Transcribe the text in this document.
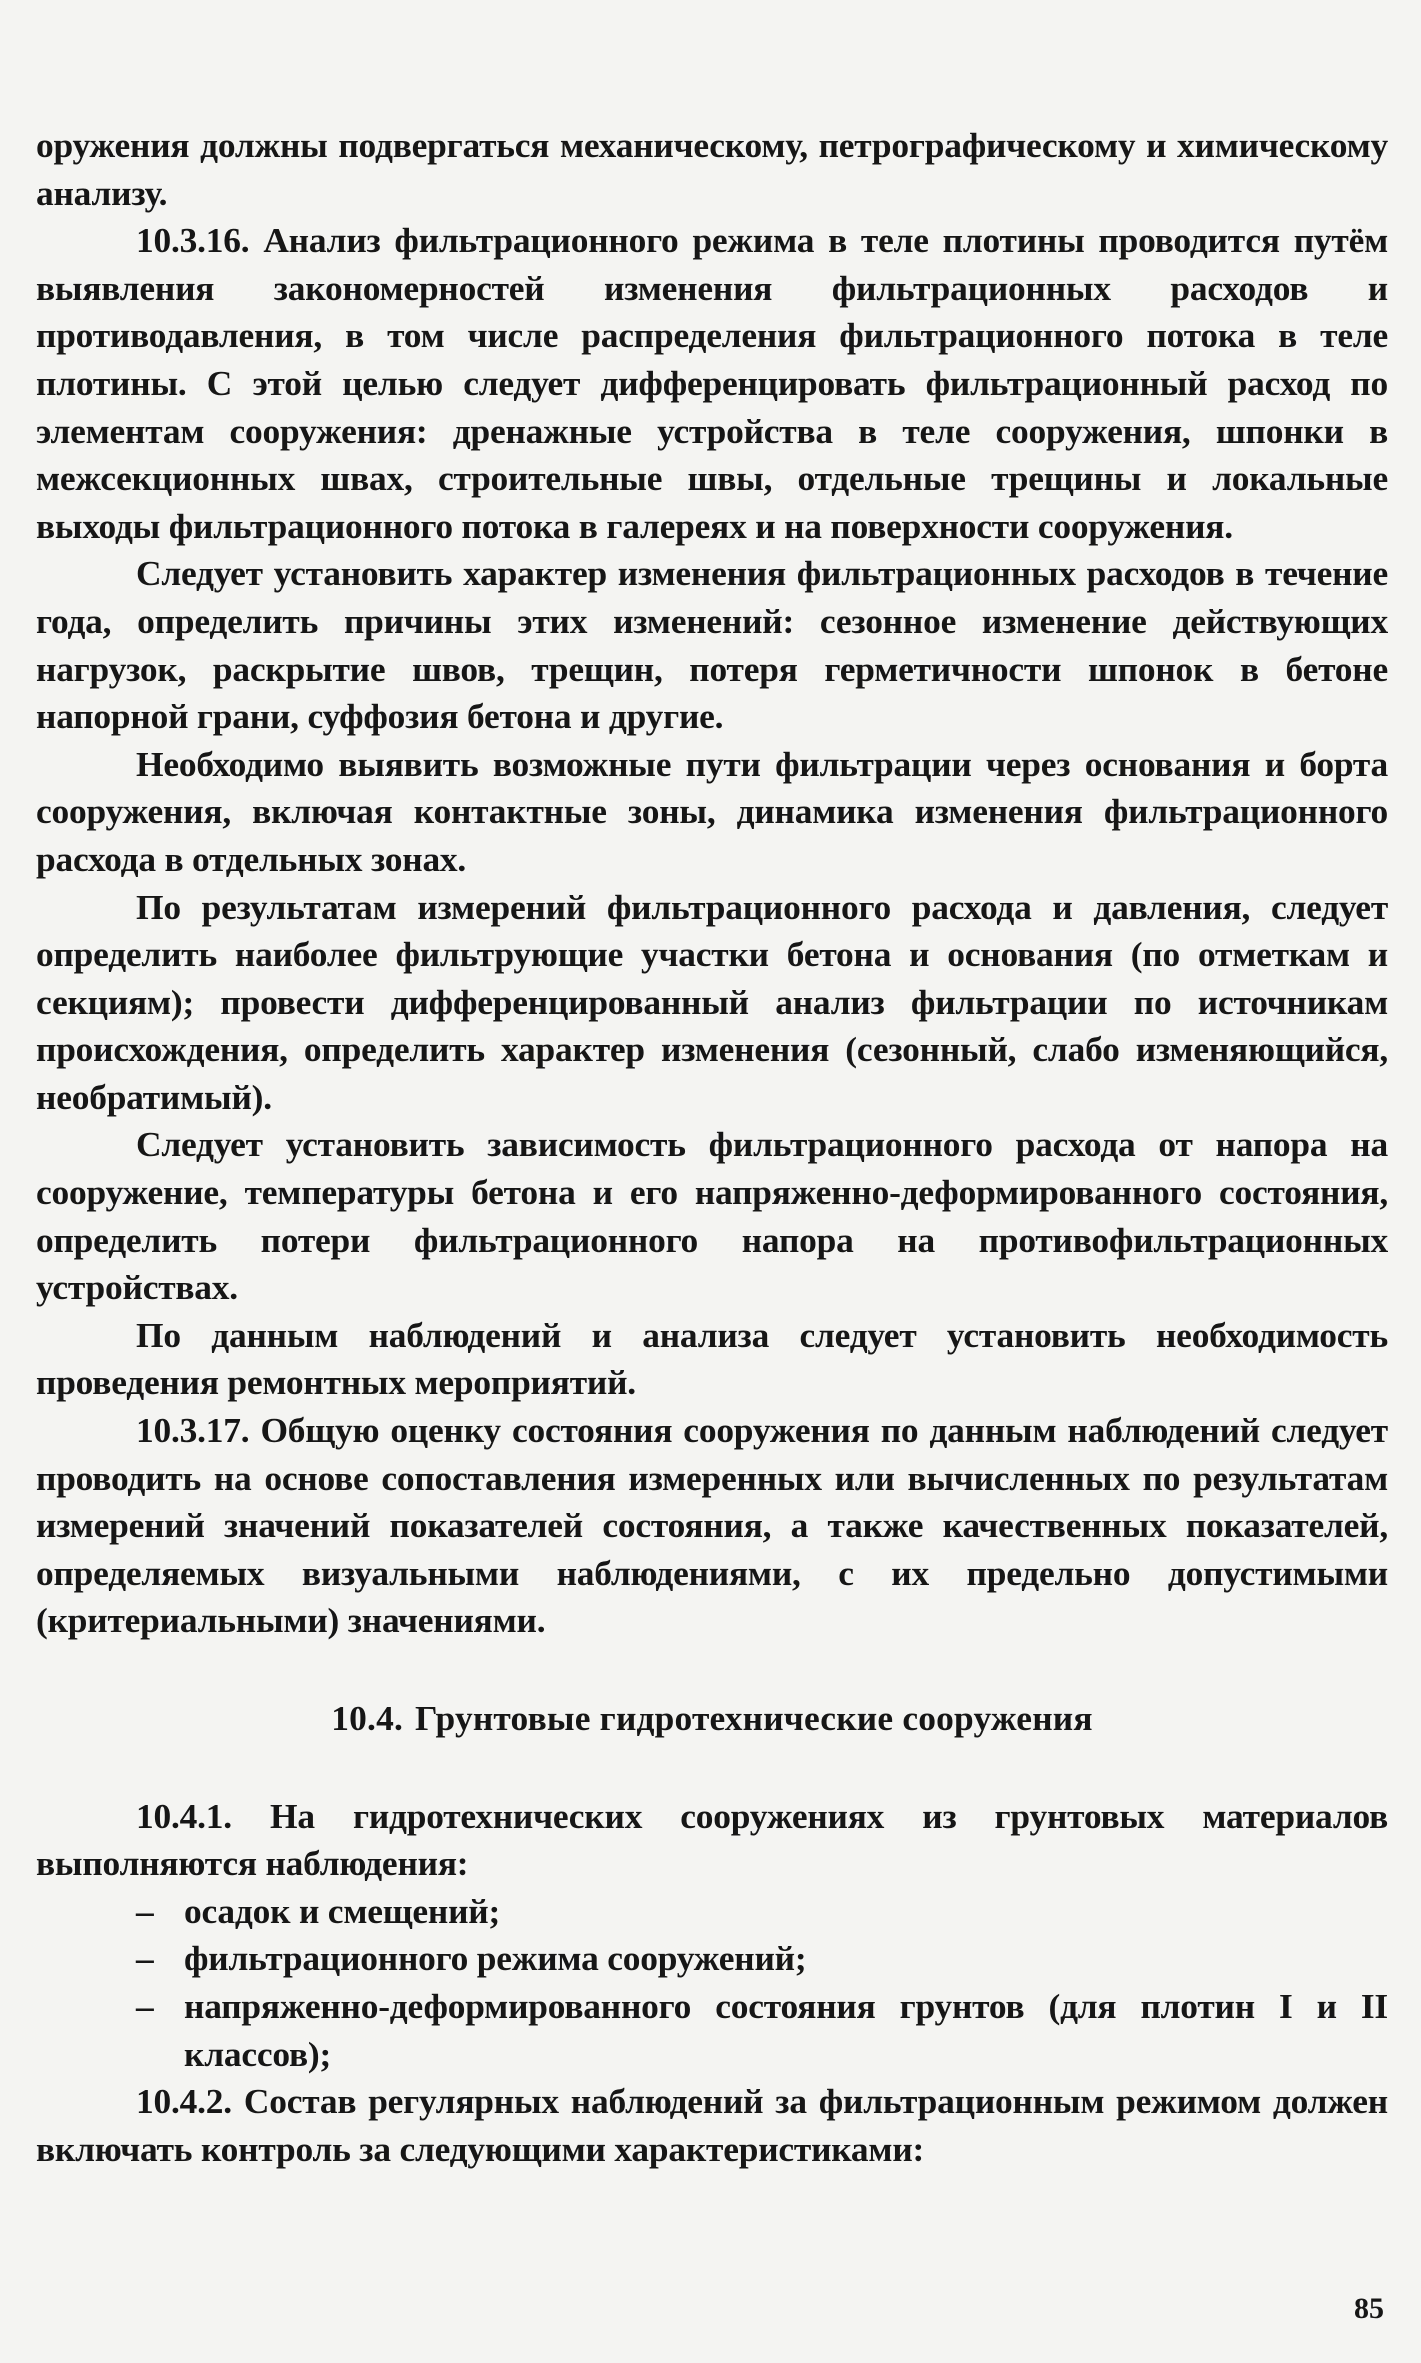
оружения должны подвергаться механическому, петрографическому и химическому анализу.

10.3.16. Анализ фильтрационного режима в теле плотины проводится путём выявления закономерностей изменения фильтрационных расходов и противодавления, в том числе распределения фильтрационного потока в теле плотины. С этой целью следует дифференцировать фильтрационный расход по элементам сооружения: дренажные устройства в теле сооружения, шпонки в межсекционных швах, строительные швы, отдельные трещины и локальные выходы фильтрационного потока в галереях и на поверхности сооружения.

Следует установить характер изменения фильтрационных расходов в течение года, определить причины этих изменений: сезонное изменение действующих нагрузок, раскрытие швов, трещин, потеря герметичности шпонок в бетоне напорной грани, суффозия бетона и другие.

Необходимо выявить возможные пути фильтрации через основания и борта сооружения, включая контактные зоны, динамика изменения фильтрационного расхода в отдельных зонах.

По результатам измерений фильтрационного расхода и давления, следует определить наиболее фильтрующие участки бетона и основания (по отметкам и секциям); провести дифференцированный анализ фильтрации по источникам происхождения, определить характер изменения (сезонный, слабо изменяющийся, необратимый).

Следует установить зависимость фильтрационного расхода от напора на сооружение, температуры бетона и его напряженно-деформированного состояния, определить потери фильтрационного напора на противофильтрационных устройствах.

По данным наблюдений и анализа следует установить необходимость проведения ремонтных мероприятий.

10.3.17. Общую оценку состояния сооружения по данным наблюдений следует проводить на основе сопоставления измеренных или вычисленных по результатам измерений значений показателей состояния, а также качественных показателей, определяемых визуальными наблюдениями, с их предельно допустимыми (критериальными) значениями.

10.4. Грунтовые гидротехнические сооружения

10.4.1. На гидротехнических сооружениях из грунтовых материалов выполняются наблюдения:

– осадок и смещений;
– фильтрационного режима сооружений;
– напряженно-деформированного состояния грунтов (для плотин I и II классов);

10.4.2. Состав регулярных наблюдений за фильтрационным режимом должен включать контроль за следующими характеристиками:

85
